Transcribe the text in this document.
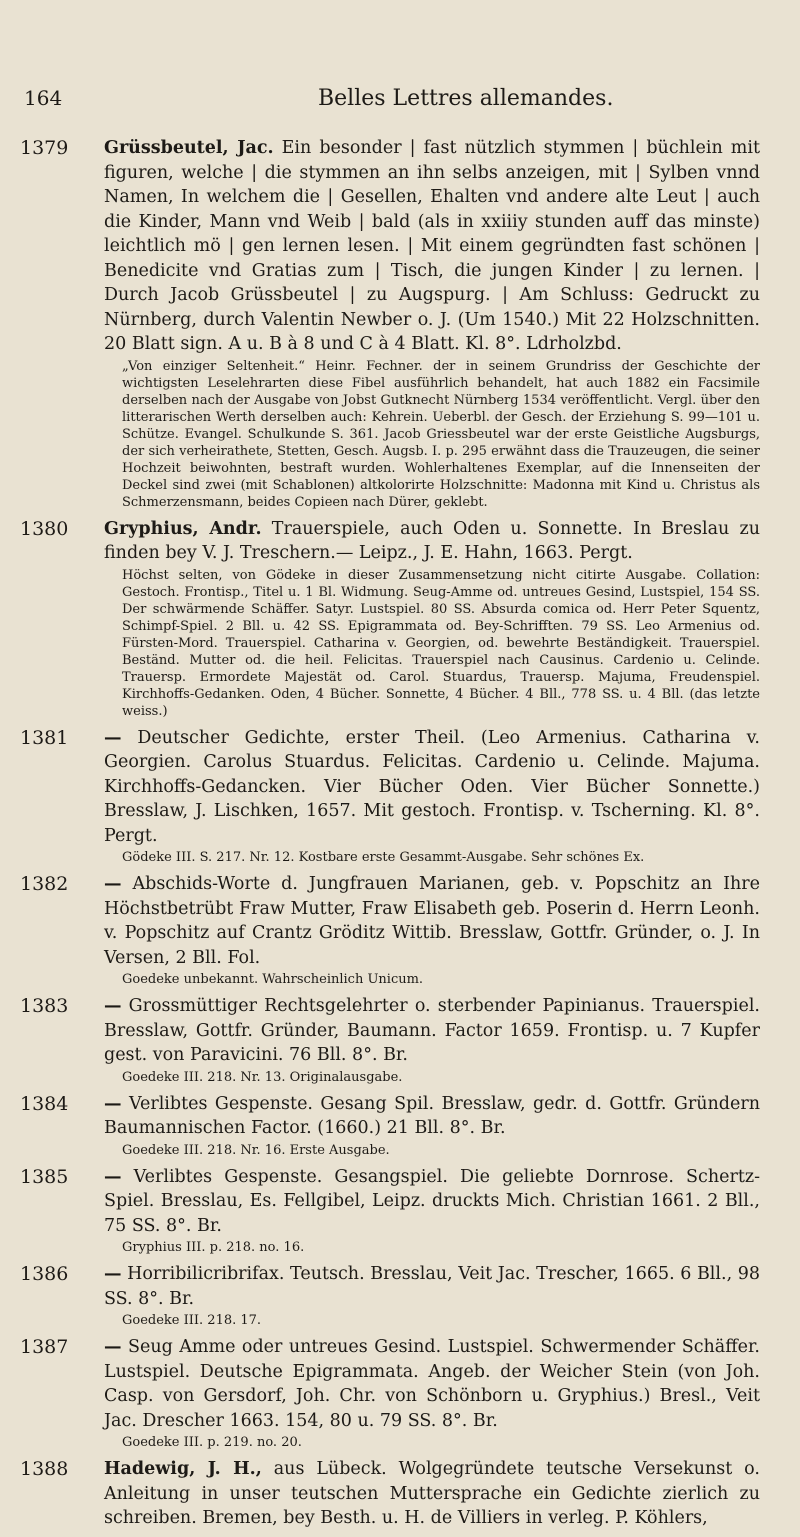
164	Belles Lettres allemandes.
1379 Grüssbeutel, Jac. Ein besonder | fast nützlich stymmen | büchlein mit figuren, welche | die stymmen an ihn selbs anzeigen, mit | Sylben vnnd Namen, In welchem die | Gesellen, Ehalten vnd andere alte Leut | auch die Kinder, Mann vnd Weib | bald (als in xxiiiy stunden auff das minste) leichtlich mö | gen lernen lesen. | Mit einem gegründten fast schönen | Benedicite vnd Gratias zum | Tisch, die jungen Kinder | zu lernen. | Durch Jacob Grüssbeutel | zu Augspurg. | Am Schluss: Gedruckt zu Nürnberg, durch Valentin Newber o. J. (Um 1540.) Mit 22 Holzschnitten. 20 Blatt sign. A u. B à 8 und C à 4 Blatt. Kl. 8°. Ldrholzbd.
„Von einziger Seltenheit.“ Heinr. Fechner. der in seinem Grundriss der Geschichte der wichtigsten Leselehrarten diese Fibel ausführlich behandelt, hat auch 1882 ein Facsimile derselben nach der Ausgabe von Jobst Gutknecht Nürnberg 1534 veröffentlicht. Vergl. über den litterarischen Werth derselben auch: Kehrein. Ueberbl. der Gesch. der Erziehung S. 99—101 u. Schütze. Evangel. Schulkunde S. 361. Jacob Griessbeutel war der erste Geistliche Augsburgs, der sich verheirathete, Stetten, Gesch. Augsb. I. p. 295 erwähnt dass die Trauzeugen, die seiner Hochzeit beiwohnten, bestraft wurden. Wohlerhaltenes Exemplar, auf die Innenseiten der Deckel sind zwei (mit Schablonen) altkolorirte Holzschnitte: Madonna mit Kind u. Christus als Schmerzensmann, beides Copieen nach Dürer, geklebt.
1380 Gryphius, Andr. Trauerspiele, auch Oden u. Sonnette. In Breslau zu finden bey V. J. Treschern.— Leipz., J. E. Hahn, 1663. Pergt.
Höchst selten, von Gödeke in dieser Zusammensetzung nicht citirte Ausgabe. Collation: Gestoch. Frontisp., Titel u. 1 Bl. Widmung. Seug-Amme od. untreues Gesind, Lustspiel, 154 SS. Der schwärmende Schäffer. Satyr. Lustspiel. 80 SS. Absurda comica od. Herr Peter Squentz, Schimpf-Spiel. 2 Bll. u. 42 SS. Epigrammata od. Bey-Schrifften. 79 SS. Leo Armenius od. Fürsten-Mord. Trauerspiel. Catharina v. Georgien, od. bewehrte Beständigkeit. Trauerspiel. Beständ. Mutter od. die heil. Felicitas. Trauerspiel nach Causinus. Cardenio u. Celinde. Trauersp. Ermordete Majestät od. Carol. Stuardus, Trauersp. Majuma, Freudenspiel. Kirchhoffs-Gedanken. Oden, 4 Bücher. Sonnette, 4 Bücher. 4 Bll., 778 SS. u. 4 Bll. (das letzte weiss.)
1381 — Deutscher Gedichte, erster Theil. (Leo Armenius. Catharina v. Georgien. Carolus Stuardus. Felicitas. Cardenio u. Celinde. Majuma. Kirchhoffs-Gedancken. Vier Bücher Oden. Vier Bücher Sonnette.) Bresslaw, J. Lischken, 1657. Mit gestoch. Frontisp. v. Tscherning. Kl. 8°. Pergt.
Gödeke III. S. 217. Nr. 12. Kostbare erste Gesammt-Ausgabe. Sehr schönes Ex.
1382 — Abschids-Worte d. Jungfrauen Marianen, geb. v. Popschitz an Ihre Höchstbetrübt Fraw Mutter, Fraw Elisabeth geb. Poserin d. Herrn Leonh. v. Popschitz auf Crantz Gröditz Wittib. Bresslaw, Gottfr. Gründer, o. J. In Versen, 2 Bll. Fol.
Goedeke unbekannt. Wahrscheinlich Unicum.
1383 — Grossmüttiger Rechtsgelehrter o. sterbender Papinianus. Trauerspiel. Bresslaw, Gottfr. Gründer, Baumann. Factor 1659. Frontisp. u. 7 Kupfer gest. von Paravicini. 76 Bll. 8°. Br.
Goedeke III. 218. Nr. 13. Originalausgabe.
1384 — Verlibtes Gespenste. Gesang Spil. Bresslaw, gedr. d. Gottfr. Gründern Baumannischen Factor. (1660.) 21 Bll. 8°. Br.
Goedeke III. 218. Nr. 16. Erste Ausgabe.
1385 — Verlibtes Gespenste. Gesangspiel. Die geliebte Dornrose. Schertz-Spiel. Bresslau, Es. Fellgibel, Leipz. druckts Mich. Christian 1661. 2 Bll., 75 SS. 8°. Br.
Gryphius III. p. 218. no. 16.
1386 — Horribilicribrifax. Teutsch. Bresslau, Veit Jac. Trescher, 1665. 6 Bll., 98 SS. 8°. Br.
Goedeke III. 218. 17.
1387 — Seug Amme oder untreues Gesind. Lustspiel. Schwermender Schäffer. Lustspiel. Deutsche Epigrammata. Angeb. der Weicher Stein (von Joh. Casp. von Gersdorf, Joh. Chr. von Schönborn u. Gryphius.) Bresl., Veit Jac. Drescher 1663. 154, 80 u. 79 SS. 8°. Br.
Goedeke III. p. 219. no. 20.
1388 Hadewig, J. H., aus Lübeck. Wolgegründete teutsche Versekunst o. Anleitung in unser teutschen Muttersprache ein Gedichte zierlich zu schreiben. Bremen, bey Besth. u. H. de Villiers in verleg. P. Köhlers,
